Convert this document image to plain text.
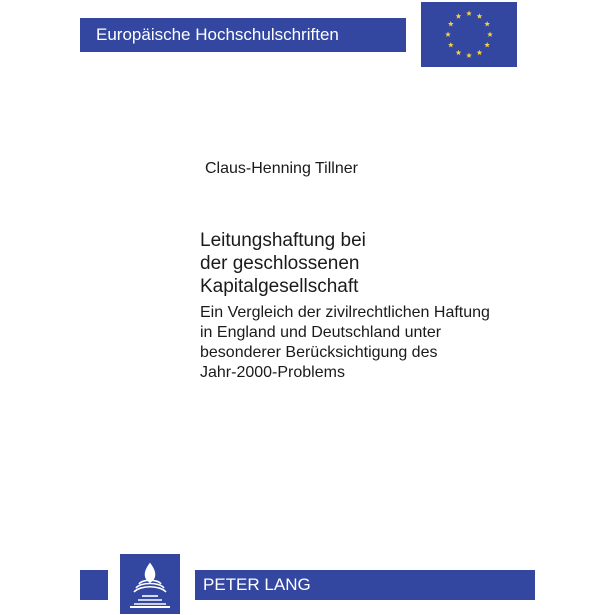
Europäische Hochschulschriften
Claus-Henning Tillner
Leitungshaftung bei
der geschlossenen
Kapitalgesellschaft
Ein Vergleich der zivilrechtlichen Haftung
in England und Deutschland unter
besonderer Berücksichtigung des
Jahr-2000-Problems
PETER LANG
